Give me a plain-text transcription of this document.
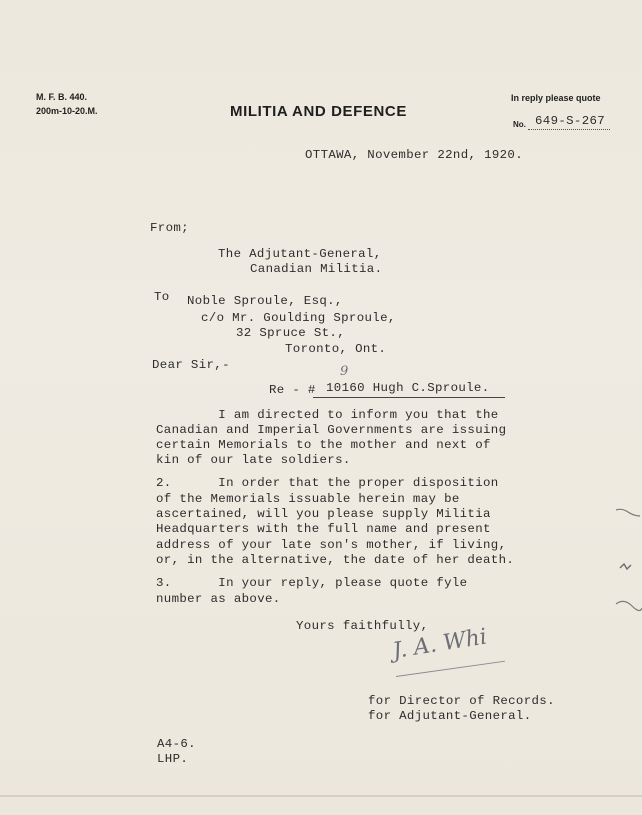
M. F. B. 440.
200m-10-20.M.	MILITIA AND DEFENCE
In reply please quote
No. 649-S-267
OTTAWA, November 22nd, 1920.
From;
The Adjutant-General,
Canadian Militia.
To Noble Sproule, Esq.,
c/o Mr. Goulding Sproule,
32 Spruce St.,
Toronto, Ont.
Dear Sir,-
Re - # 10160 Hugh C.Sproule.
9
I am directed to inform you that the
Canadian and Imperial Governments are issuing
certain Memorials to the mother and next of
kin of our late soldiers.
2.      In order that the proper disposition
of the Memorials issuable herein may be
ascertained, will you please supply Militia
Headquarters with the full name and present
address of your late son's mother, if living,
or, in the alternative, the date of her death.
3.      In your reply, please quote fyle
number as above.
Yours faithfully,
J. A. Whi
for Director of Records.
for Adjutant-General.
A4-6.
LHP.
